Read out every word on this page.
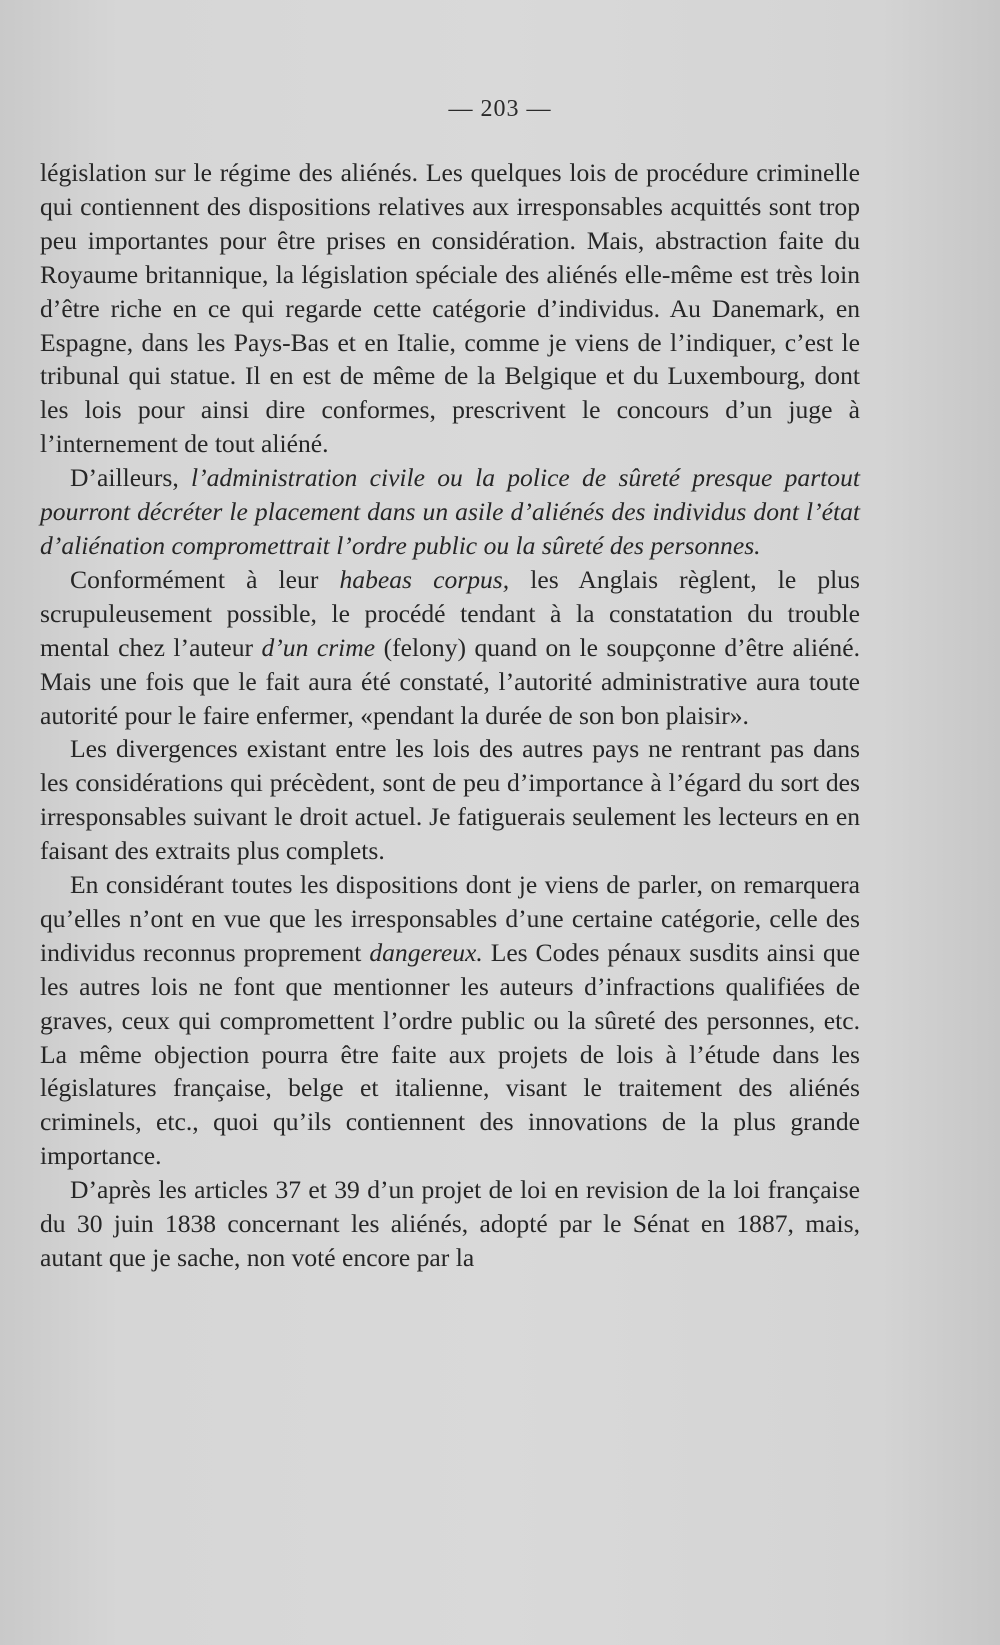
— 203 —

législation sur le régime des aliénés. Les quelques lois de procédure criminelle qui contiennent des dispositions relatives aux irresponsables acquittés sont trop peu importantes pour être prises en considération. Mais, abstraction faite du Royaume britannique, la législation spéciale des aliénés elle-même est très loin d’être riche en ce qui regarde cette catégorie d’individus. Au Danemark, en Espagne, dans les Pays-Bas et en Italie, comme je viens de l’indiquer, c’est le tribunal qui statue. Il en est de même de la Belgique et du Luxembourg, dont les lois pour ainsi dire conformes, prescrivent le concours d’un juge à l’internement de tout aliéné.

D’ailleurs, l’administration civile ou la police de sûreté presque partout pourront décréter le placement dans un asile d’aliénés des individus dont l’état d’aliénation compromettrait l’ordre public ou la sûreté des personnes.

Conformément à leur habeas corpus, les Anglais règlent, le plus scrupuleusement possible, le procédé tendant à la constatation du trouble mental chez l’auteur d’un crime (felony) quand on le soupçonne d’être aliéné. Mais une fois que le fait aura été constaté, l’autorité administrative aura toute autorité pour le faire enfermer, «pendant la durée de son bon plaisir».

Les divergences existant entre les lois des autres pays ne rentrant pas dans les considérations qui précèdent, sont de peu d’importance à l’égard du sort des irresponsables suivant le droit actuel. Je fatiguerais seulement les lecteurs en en faisant des extraits plus complets.

En considérant toutes les dispositions dont je viens de parler, on remarquera qu’elles n’ont en vue que les irresponsables d’une certaine catégorie, celle des individus reconnus proprement dangereux. Les Codes pénaux susdits ainsi que les autres lois ne font que mentionner les auteurs d’infractions qualifiées de graves, ceux qui compromettent l’ordre public ou la sûreté des personnes, etc. La même objection pourra être faite aux projets de lois à l’étude dans les législatures française, belge et italienne, visant le traitement des aliénés criminels, etc., quoi qu’ils contiennent des innovations de la plus grande importance.

D’après les articles 37 et 39 d’un projet de loi en revision de la loi française du 30 juin 1838 concernant les aliénés, adopté par le Sénat en 1887, mais, autant que je sache, non voté encore par la
